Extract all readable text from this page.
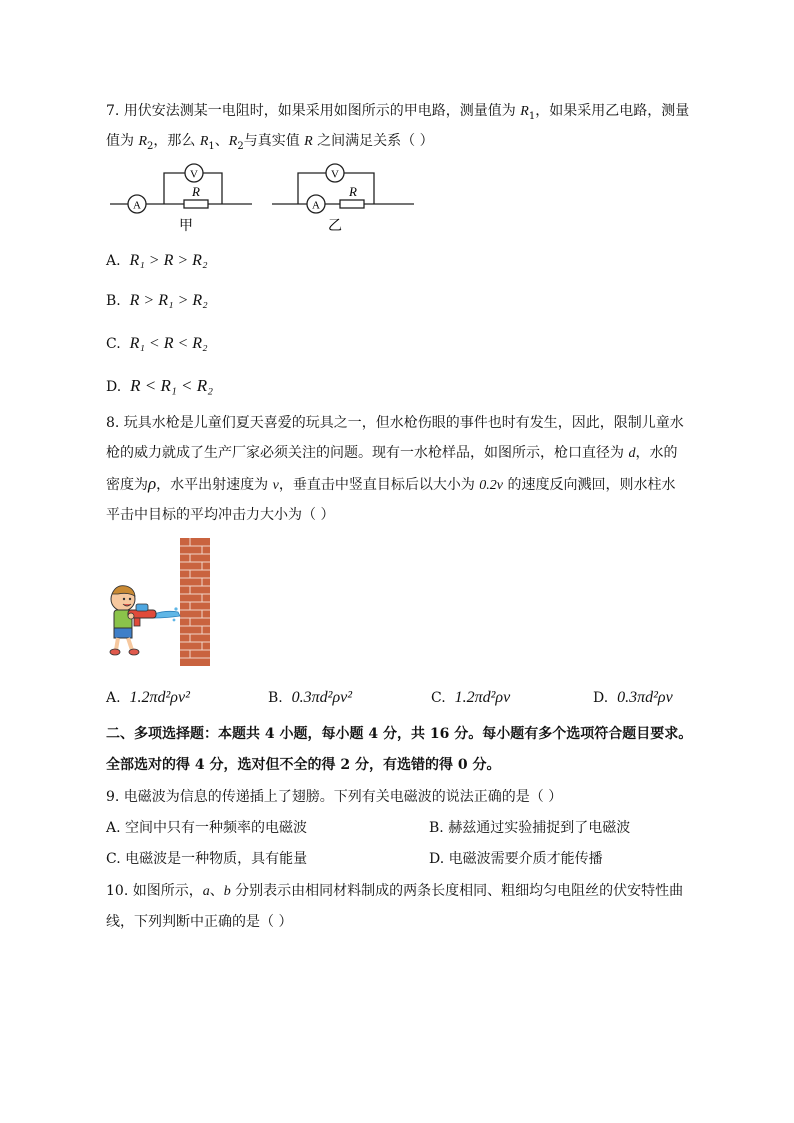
7. 用伏安法测某一电阻时，如果采用如图所示的甲电路，测量值为 $R_1$，如果采用乙电路，测量
值为 $R_2$，那么 $R_1$、$R_2$与真实值 R 之间满足关系（ ）
A
V
R
甲
A
V
R
乙
A. R₁ > R > R₂
B. R > R₁ > R₂
C. R₁ < R < R₂
D. R < R₁ < R₂
8. 玩具水枪是儿童们夏天喜爱的玩具之一，但水枪伤眼的事件也时有发生，因此，限制儿童水
枪的威力就成了生产厂家必须关注的问题。现有一水枪样品，如图所示，枪口直径为 d，水的
密度为ρ，水平出射速度为 v，垂直击中竖直目标后以大小为 0.2v 的速度反向溅回，则水柱水
平击中目标的平均冲击力大小为（ ）
A. 1.2πd²ρv²	B. 0.3πd²ρv²	C. 1.2πd²ρv	D. 0.3πd²ρv
二、多项选择题：本题共 4 小题，每小题 4 分，共 16 分。每小题有多个选项符合题目要求。
全部选对的得 4 分，选对但不全的得 2 分，有选错的得 0 分。
9. 电磁波为信息的传递插上了翅膀。下列有关电磁波的说法正确的是（ ）
A. 空间中只有一种频率的电磁波	B. 赫兹通过实验捕捉到了电磁波
C. 电磁波是一种物质，具有能量	D. 电磁波需要介质才能传播
10. 如图所示，a、b 分别表示由相同材料制成的两条长度相同、粗细均匀电阻丝的伏安特性曲
线，下列判断中正确的是（ ）
